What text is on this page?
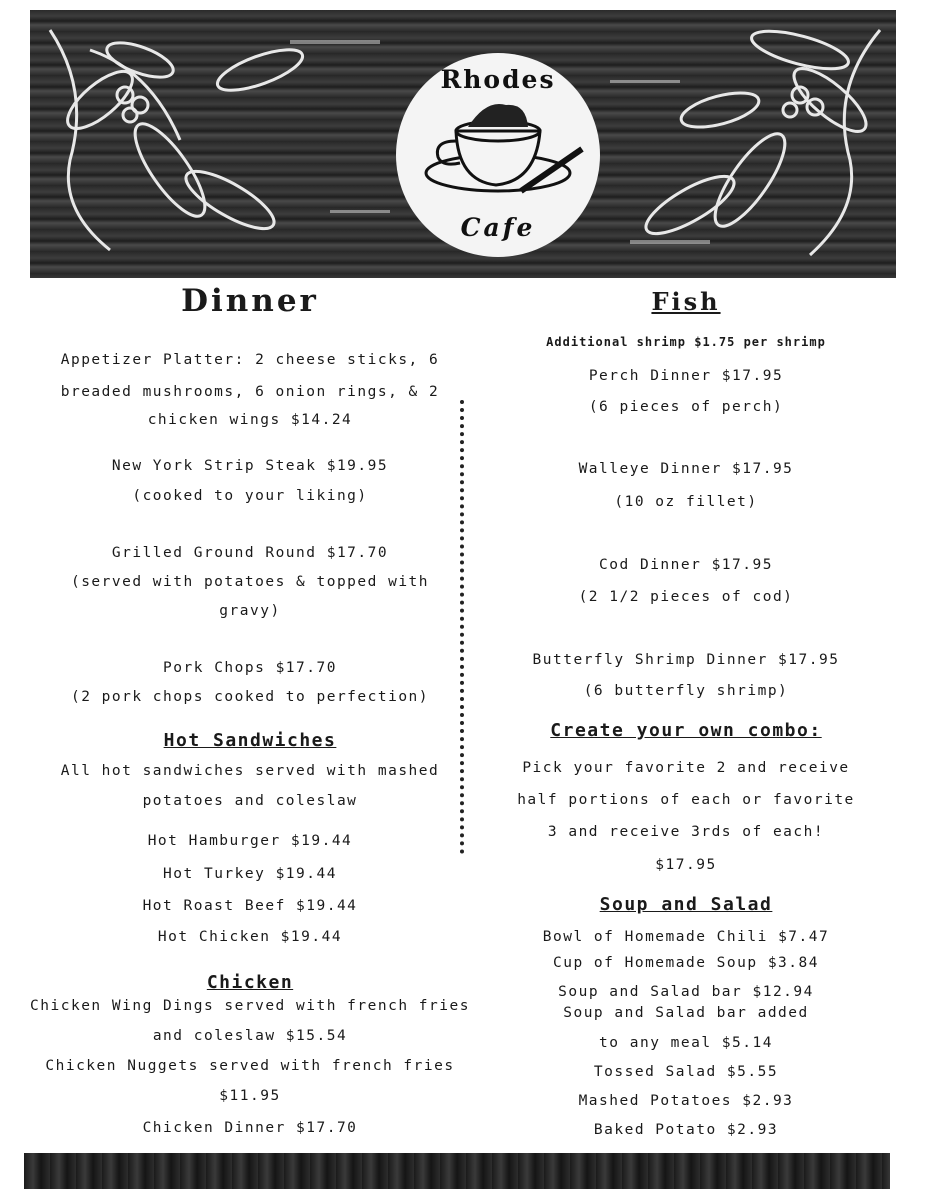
Rhodes
Cafe
Dinner
Appetizer Platter: 2 cheese sticks, 6
breaded mushrooms, 6 onion rings, & 2
chicken wings $14.24
New York Strip Steak $19.95
(cooked to your liking)
Grilled Ground Round $17.70
(served with potatoes & topped with
gravy)
Pork Chops $17.70
(2 pork chops cooked to perfection)
Hot Sandwiches
All hot sandwiches served with mashed
potatoes and coleslaw
Hot Hamburger $19.44
Hot Turkey $19.44
Hot Roast Beef $19.44
Hot Chicken $19.44
Chicken
Chicken Wing Dings served with french fries
and coleslaw $15.54
Chicken Nuggets served with french fries
$11.95
Chicken Dinner $17.70
Fish
Additional shrimp $1.75 per shrimp
Perch Dinner $17.95
(6 pieces of perch)
Walleye Dinner $17.95
(10 oz fillet)
Cod Dinner $17.95
(2 1/2 pieces of cod)
Butterfly Shrimp Dinner $17.95
(6 butterfly shrimp)
Create your own combo:
Pick your favorite 2 and receive
half portions of each or favorite
3 and receive 3rds of each!
$17.95
Soup and Salad
Bowl of Homemade Chili $7.47
Cup of Homemade Soup $3.84
Soup and Salad bar $12.94
Soup and Salad bar added
to any meal $5.14
Tossed Salad $5.55
Mashed Potatoes $2.93
Baked Potato $2.93
